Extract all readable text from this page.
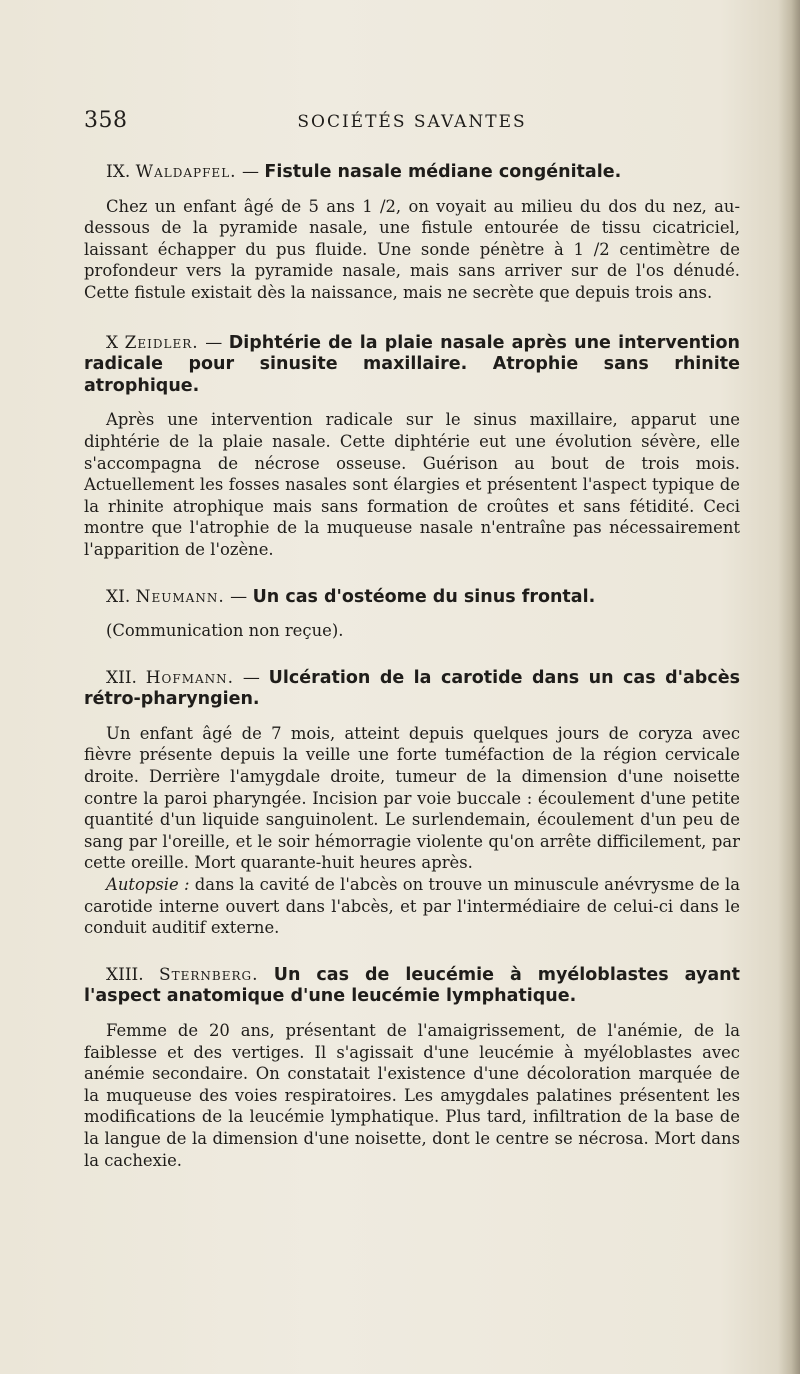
358	SOCIÉTÉS SAVANTES

IX. Waldapfel. — Fistule nasale médiane congénitale.

Chez un enfant âgé de 5 ans 1 /2, on voyait au milieu du dos du nez, au-dessous de la pyramide nasale, une fistule entourée de tissu cicatriciel, laissant échapper du pus fluide. Une sonde pénètre à 1 /2 centimètre de profondeur vers la pyramide nasale, mais sans arriver sur de l'os dénudé. Cette fistule existait dès la naissance, mais ne secrète que depuis trois ans.

X Zeidler. — Diphtérie de la plaie nasale après une intervention radicale pour sinusite maxillaire. Atrophie sans rhinite atrophique.

Après une intervention radicale sur le sinus maxillaire, apparut une diphtérie de la plaie nasale. Cette diphtérie eut une évolution sévère, elle s'accompagna de nécrose osseuse. Guérison au bout de trois mois. Actuellement les fosses nasales sont élargies et présentent l'aspect typique de la rhinite atrophique mais sans formation de croûtes et sans fétidité. Ceci montre que l'atrophie de la muqueuse nasale n'entraîne pas nécessairement l'apparition de l'ozène.

XI. Neumann. — Un cas d'ostéome du sinus frontal.

(Communication non reçue).

XII. Hofmann. — Ulcération de la carotide dans un cas d'abcès rétro-pharyngien.

Un enfant âgé de 7 mois, atteint depuis quelques jours de coryza avec fièvre présente depuis la veille une forte tuméfaction de la région cervicale droite. Derrière l'amygdale droite, tumeur de la dimension d'une noisette contre la paroi pharyngée. Incision par voie buccale : écoulement d'une petite quantité d'un liquide sanguinolent. Le surlendemain, écoulement d'un peu de sang par l'oreille, et le soir hémorragie violente qu'on arrête difficilement, par cette oreille. Mort quarante-huit heures après.

Autopsie : dans la cavité de l'abcès on trouve un minuscule anévrysme de la carotide interne ouvert dans l'abcès, et par l'intermédiaire de celui-ci dans le conduit auditif externe.

XIII. Sternberg. Un cas de leucémie à myéloblastes ayant l'aspect anatomique d'une leucémie lymphatique.

Femme de 20 ans, présentant de l'amaigrissement, de l'anémie, de la faiblesse et des vertiges. Il s'agissait d'une leucémie à myéloblastes avec anémie secondaire. On constatait l'existence d'une décoloration marquée de la muqueuse des voies respiratoires. Les amygdales palatines présentent les modifications de la leucémie lymphatique. Plus tard, infiltration de la base de la langue de la dimension d'une noisette, dont le centre se nécrosa. Mort dans la cachexie.
